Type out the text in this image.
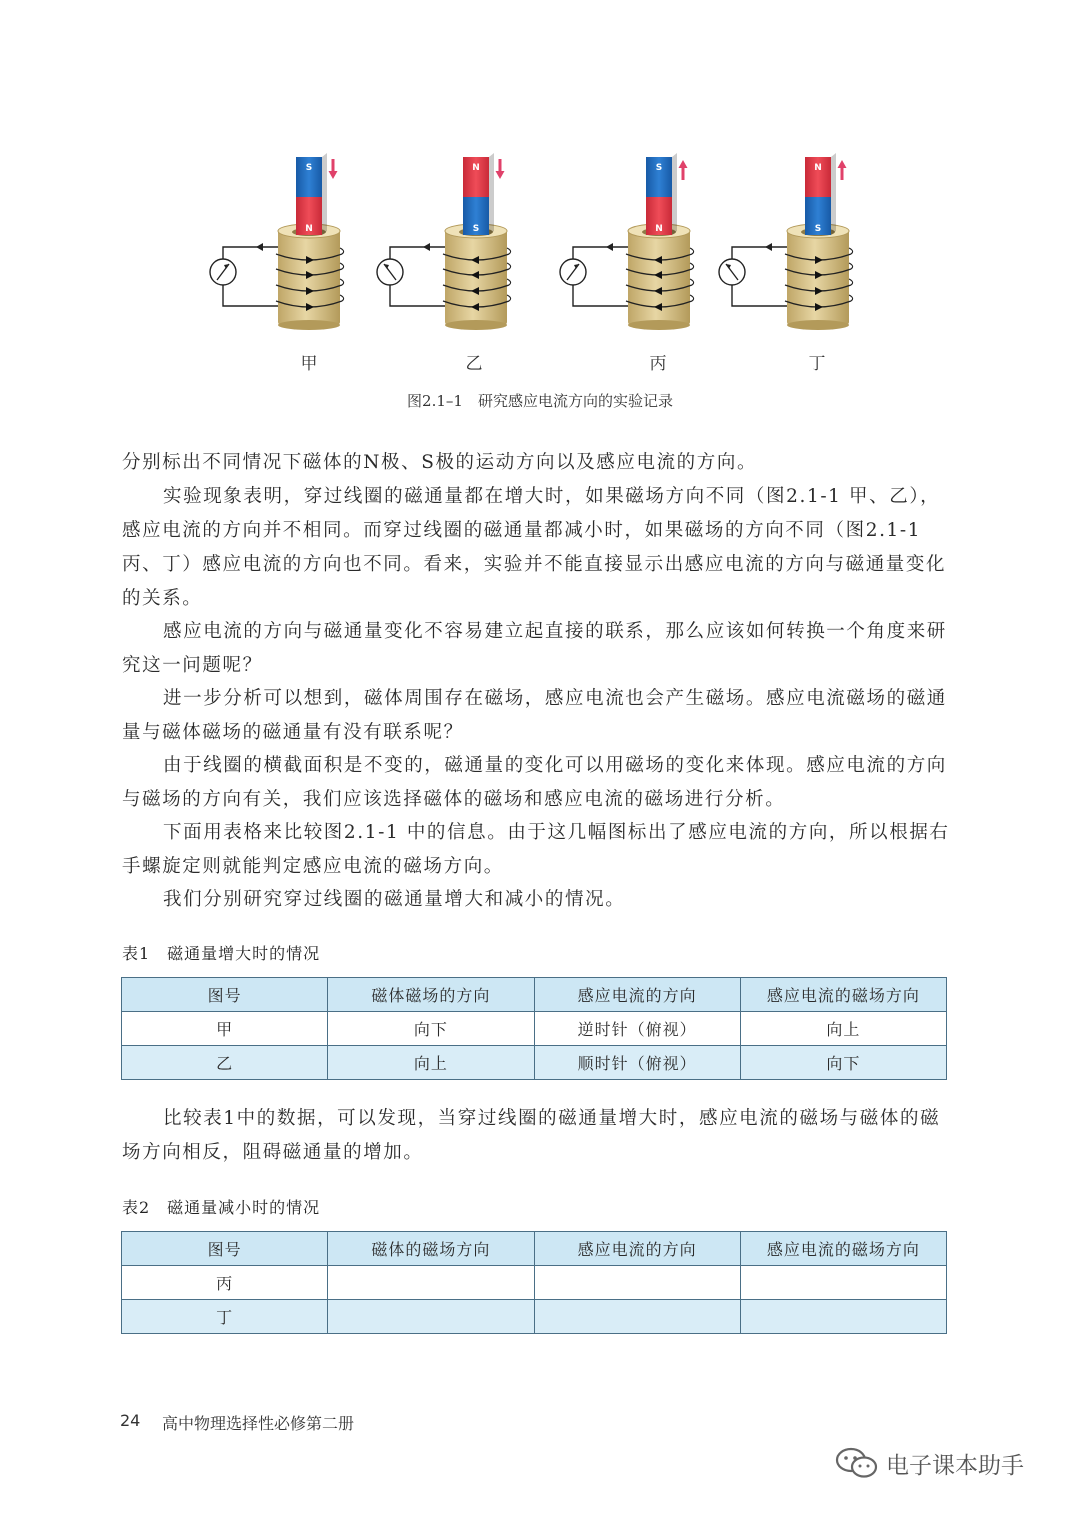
S
N
N
S
S
N
N
S
甲	乙	丙	丁
图2.1–1　研究感应电流方向的实验记录

分别标出不同情况下磁体的N极、S极的运动方向以及感应电流的方向。

实验现象表明，穿过线圈的磁通量都在增大时，如果磁场方向不同（图2.1-1 甲、乙），感应电流的方向并不相同。而穿过线圈的磁通量都减小时，如果磁场的方向不同（图2.1-1 丙、丁）感应电流的方向也不同。看来，实验并不能直接显示出感应电流的方向与磁通量变化的关系。

感应电流的方向与磁通量变化不容易建立起直接的联系，那么应该如何转换一个角度来研究这一问题呢？

进一步分析可以想到，磁体周围存在磁场，感应电流也会产生磁场。感应电流磁场的磁通量与磁体磁场的磁通量有没有联系呢？

由于线圈的横截面积是不变的，磁通量的变化可以用磁场的变化来体现。感应电流的方向与磁场的方向有关，我们应该选择磁体的磁场和感应电流的磁场进行分析。

下面用表格来比较图2.1-1 中的信息。由于这几幅图标出了感应电流的方向，所以根据右手螺旋定则就能判定感应电流的磁场方向。

我们分别研究穿过线圈的磁通量增大和减小的情况。

表1　磁通量增大时的情况
图号	磁体磁场的方向	感应电流的方向	感应电流的磁场方向
甲	向下	逆时针（俯视）	向上
乙	向上	顺时针（俯视）	向下

比较表1中的数据，可以发现，当穿过线圈的磁通量增大时，感应电流的磁场与磁体的磁场方向相反，阻碍磁通量的增加。

表2　磁通量减小时的情况
图号	磁体的磁场方向	感应电流的方向	感应电流的磁场方向
丙			
丁			
24 高中物理选择性必修第二册
电子课本助手
